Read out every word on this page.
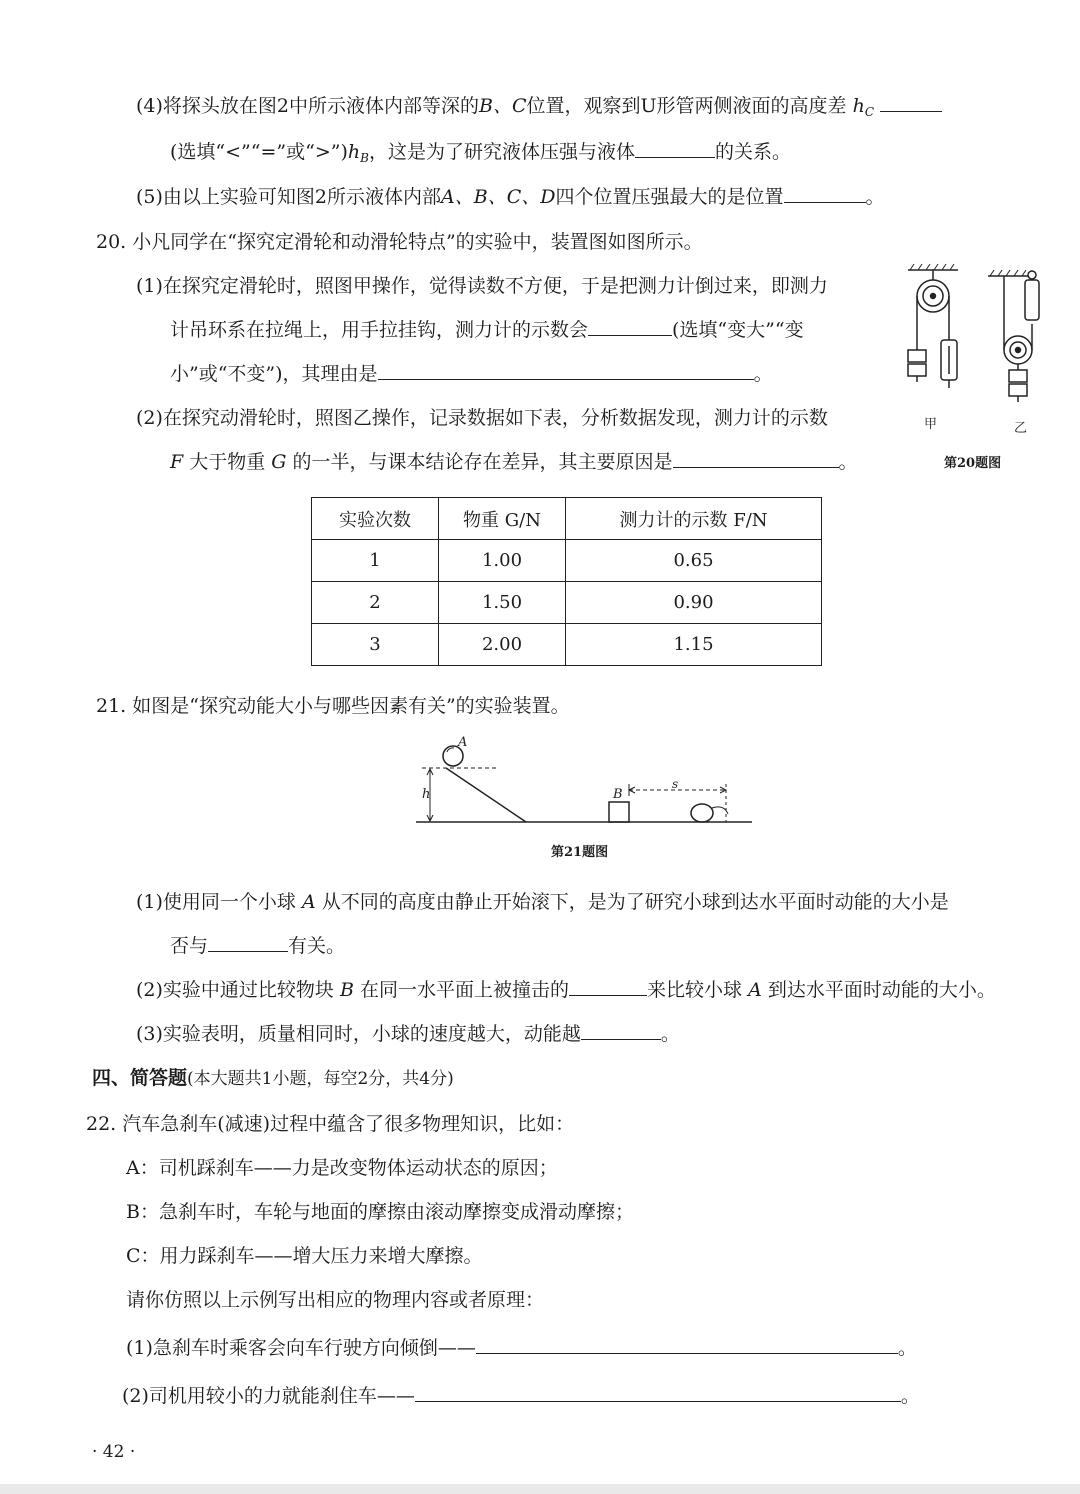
(4)将探头放在图2中所示液体内部等深的B、C位置，观察到U形管两侧液面的高度差 $h_C$
(选填“<”“=”或“$>”)h_B$，这是为了研究液体压强与液体	的关系。
(5)由以上实验可知图2所示液体内部A、B、C、D四个位置压强最大的是位置	。
20. 小凡同学在“探究定滑轮和动滑轮特点”的实验中，装置图如图所示。
(1)在探究定滑轮时，照图甲操作，觉得读数不方便，于是把测力计倒过来，即测力
计吊环系在拉绳上，用手拉挂钩，测力计的示数会	(选填“变大”“变
小”或“不变”)，其理由是	。
(2)在探究动滑轮时，照图乙操作，记录数据如下表，分析数据发现，测力计的示数
F 大于物重 G 的一半，与课本结论存在差异，其主要原因是	。
甲	乙
第20题图
实验次数	物重 G/N	测力计的示数 F/N
1	1.00	0.65
2	1.50	0.90
3	2.00	1.15
21. 如图是“探究动能大小与哪些因素有关”的实验装置。
A
h	B
s
第21题图
(1)使用同一个小球 A 从不同的高度由静止开始滚下，是为了研究小球到达水平面时动能的大小是
否与	有关。
(2)实验中通过比较物块 B 在同一水平面上被撞击的	来比较小球 A 到达水平面时动能的大小。
(3)实验表明，质量相同时，小球的速度越大，动能越	。
四、简答题(本大题共1小题，每空2分，共4分)
22. 汽车急刹车(减速)过程中蕴含了很多物理知识，比如：
A：司机踩刹车——力是改变物体运动状态的原因；
B：急刹车时，车轮与地面的摩擦由滚动摩擦变成滑动摩擦；
C：用力踩刹车——增大压力来增大摩擦。
请你仿照以上示例写出相应的物理内容或者原理：
(1)急刹车时乘客会向车行驶方向倾倒——	。
(2)司机用较小的力就能刹住车——	。
· 42 ·
